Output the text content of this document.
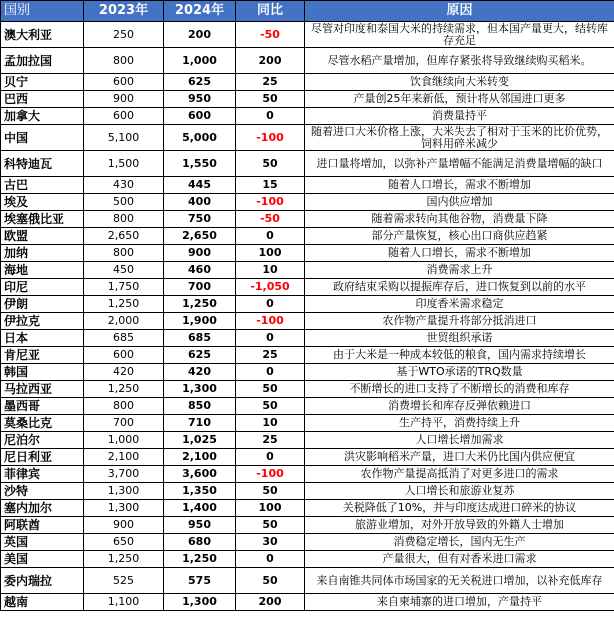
国别	2023年	2024年	同比	原因
澳大利亚	250	200	-50	尽管对印度和泰国大米的持续需求，但本国产量更大，结转库存充足
孟加拉国	800	1,000	200	尽管水稻产量增加，但库存紧张将导致继续购买稻米。
贝宁	600	625	25	饮食继续向大米转变
巴西	900	950	50	产量创25年来新低，预计将从邻国进口更多
加拿大	600	600	0	消费量持平
中国	5,100	5,000	-100	随着进口大米价格上涨，大米失去了相对于玉米的比价优势，饲料用碎米减少
科特迪瓦	1,500	1,550	50	进口量将增加，以弥补产量增幅不能满足消费量增幅的缺口
古巴	430	445	15	随着人口增长，需求不断增加
埃及	500	400	-100	国内供应增加
埃塞俄比亚	800	750	-50	随着需求转向其他谷物，消费量下降
欧盟	2,650	2,650	0	部分产量恢复，核心出口商供应趋紧
加纳	800	900	100	随着人口增长，需求不断增加
海地	450	460	10	消费需求上升
印尼	1,750	700	-1,050	政府结束采购以提振库存后，进口恢复到以前的水平
伊朗	1,250	1,250	0	印度香米需求稳定
伊拉克	2,000	1,900	-100	农作物产量提升将部分抵消进口
日本	685	685	0	世贸组织承诺
肯尼亚	600	625	25	由于大米是一种成本较低的粮食，国内需求持续增长
韩国	420	420	0	基于WTO承诺的TRQ数量
马拉西亚	1,250	1,300	50	不断增长的进口支持了不断增长的消费和库存
墨西哥	800	850	50	消费增长和库存反弹依赖进口
莫桑比克	700	710	10	生产持平，消费持续上升
尼泊尔	1,000	1,025	25	人口增长增加需求
尼日利亚	2,100	2,100	0	洪灾影响稻米产量，进口大米仍比国内供应便宜
菲律宾	3,700	3,600	-100	农作物产量提高抵消了对更多进口的需求
沙特	1,300	1,350	50	人口增长和旅游业复苏
塞内加尔	1,300	1,400	100	关税降低了10%，并与印度达成进口碎米的协议
阿联酋	900	950	50	旅游业增加，对外开放导致的外籍人士增加
英国	650	680	30	消费稳定增长，国内无生产
美国	1,250	1,250	0	产量很大，但有对香米进口需求
委内瑞拉	525	575	50	来自南锥共同体市场国家的无关税进口增加，以补充低库存
越南	1,100	1,300	200	来自柬埔寨的进口增加，产量持平
